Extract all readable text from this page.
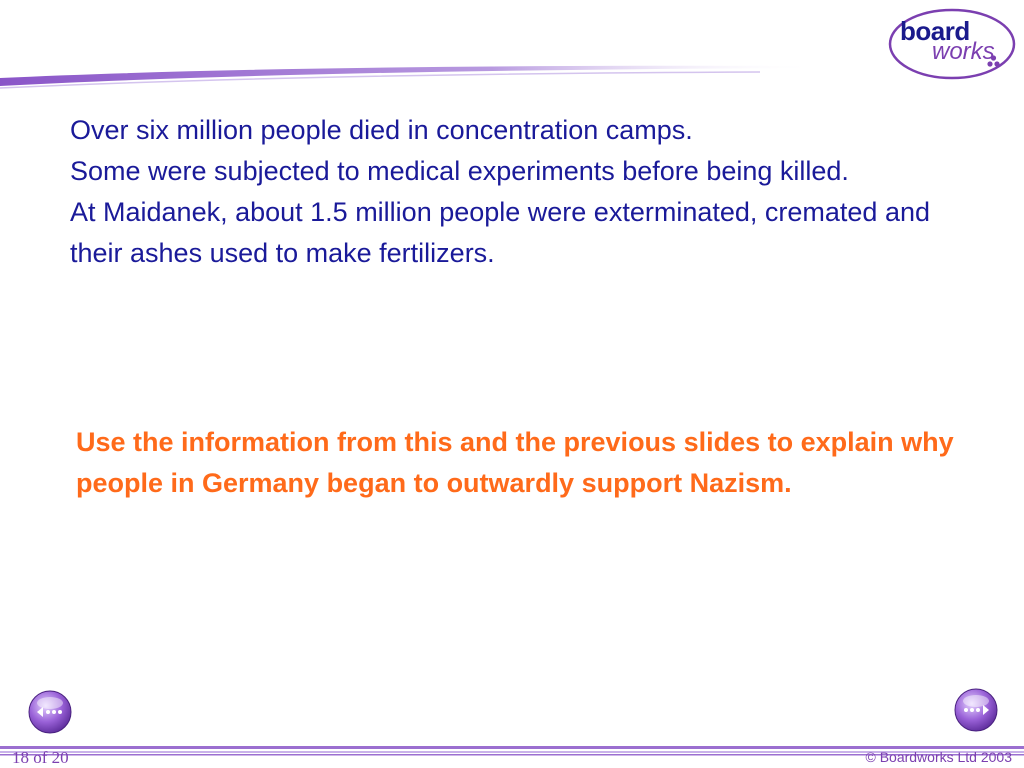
board
works

Over six million people died in concentration camps.

Some were subjected to medical experiments before being killed.

At Maidanek, about 1.5 million people were exterminated, cremated and their ashes used to make fertilizers.

Use the information from this and the previous slides to explain why people in Germany began to outwardly support Nazism.
18 of 20	© Boardworks Ltd 2003
